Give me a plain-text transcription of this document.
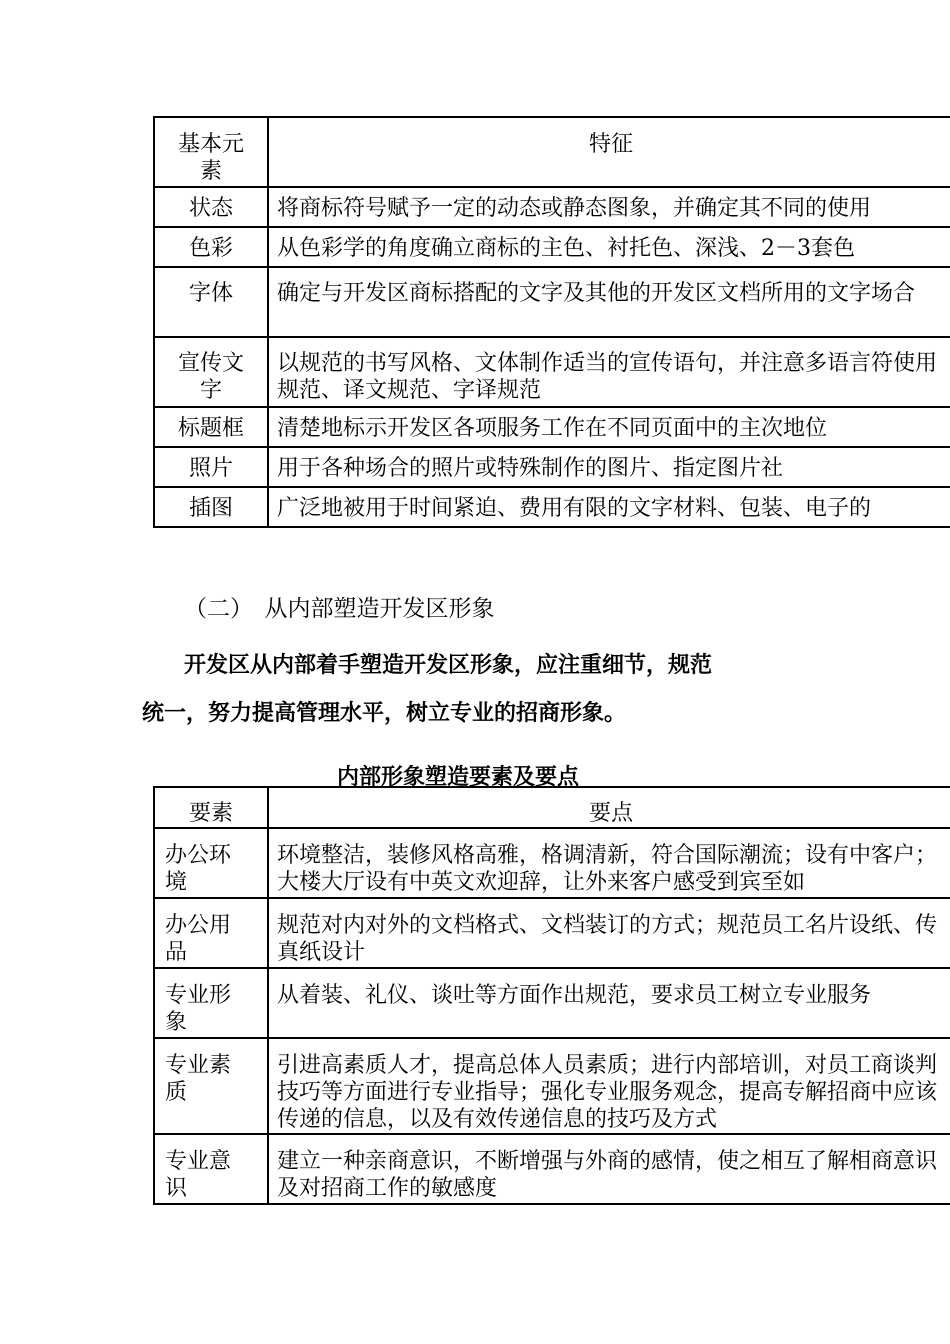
基本元素	特征
状态	将商标符号赋予一定的动态或静态图象，并确定其不同的使用
色彩	从色彩学的角度确立商标的主色、衬托色、深浅、2－3套色
字体	确定与开发区商标搭配的文字及其他的开发区文档所用的文字场合
宣传文字	以规范的书写风格、文体制作适当的宣传语句，并注意多语言符使用规范、译文规范、字译规范
标题框	清楚地标示开发区各项服务工作在不同页面中的主次地位
照片	用于各种场合的照片或特殊制作的图片、指定图片社
插图	广泛地被用于时间紧迫、费用有限的文字材料、包装、电子的
（二）　从内部塑造开发区形象
开发区从内部着手塑造开发区形象，应注重细节，规范
统一，努力提高管理水平，树立专业的招商形象。
内部形象塑造要素及要点
要素	要点
办公环境	环境整洁，装修风格高雅，格调清新，符合国际潮流；设有中客户；大楼大厅设有中英文欢迎辞，让外来客户感受到宾至如
办公用品	规范对内对外的文档格式、文档装订的方式；规范员工名片设纸、传真纸设计
专业形象	从着装、礼仪、谈吐等方面作出规范，要求员工树立专业服务
专业素质	引进高素质人才，提高总体人员素质；进行内部培训，对员工商谈判技巧等方面进行专业指导；强化专业服务观念，提高专解招商中应该传递的信息，以及有效传递信息的技巧及方式
专业意识	建立一种亲商意识，不断增强与外商的感情，使之相互了解相商意识及对招商工作的敏感度
